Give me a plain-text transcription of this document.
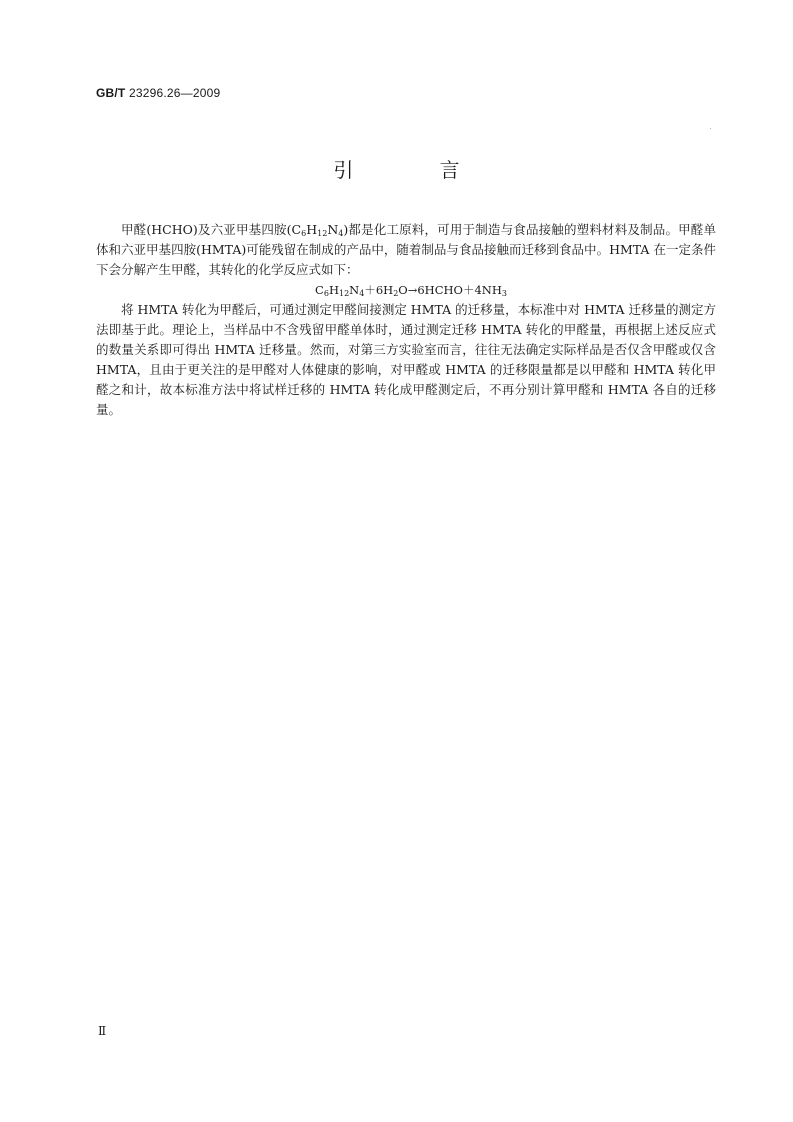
GB/T 23296.26—2009
引 言

甲醛(HCHO)及六亚甲基四胺$(C_6H_{12}N_4)$都是化工原料，可用于制造与食品接触的塑料材料及制品。甲醛单体和六亚甲基四胺(HMTA)可能残留在制成的产品中，随着制品与食品接触而迁移到食品中。HMTA 在一定条件下会分解产生甲醛，其转化的化学反应式如下：

$C_6H_{12}N_4+6H_2O\to 6HCHO+4NH_3$

将 HMTA 转化为甲醛后，可通过测定甲醛间接测定 HMTA 的迁移量，本标准中对 HMTA 迁移量的测定方法即基于此。理论上，当样品中不含残留甲醛单体时，通过测定迁移 HMTA 转化的甲醛量，再根据上述反应式的数量关系即可得出 HMTA 迁移量。然而，对第三方实验室而言，往往无法确定实际样品是否仅含甲醛或仅含 HMTA，且由于更关注的是甲醛对人体健康的影响，对甲醛或 HMTA 的迁移限量都是以甲醛和 HMTA 转化甲醛之和计，故本标准方法中将试样迁移的 HMTA 转化成甲醛测定后，不再分别计算甲醛和 HMTA 各自的迁移量。

Ⅱ
